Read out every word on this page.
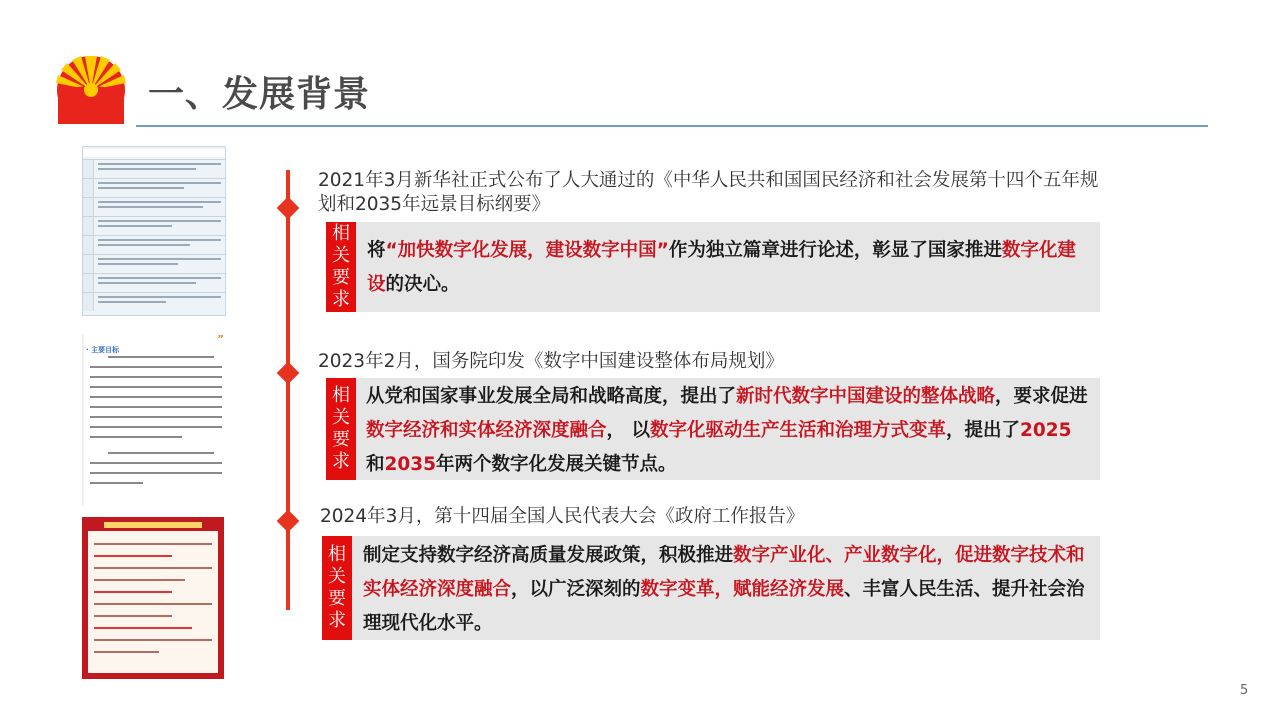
一、发展背景
”
· 主要目标
2021年3月新华社正式公布了人大通过的《中华人民共和国国民经济和社会发展第十四个五年规划和2035年远景目标纲要》
相关要求
将“加快数字化发展，建设数字中国”作为独立篇章进行论述，彰显了国家推进数字化建设的决心。
2023年2月，国务院印发《数字中国建设整体布局规划》
相关要求
从党和国家事业发展全局和战略高度，提出了新时代数字中国建设的整体战略，要求促进数字经济和实体经济深度融合， 以数字化驱动生产生活和治理方式变革，提出了2025和2035年两个数字化发展关键节点。
2024年3月，第十四届全国人民代表大会《政府工作报告》
相关要求
制定支持数字经济高质量发展政策，积极推进数字产业化、产业数字化，促进数字技术和实体经济深度融合，以广泛深刻的数字变革，赋能经济发展、丰富人民生活、提升社会治理现代化水平。
5
